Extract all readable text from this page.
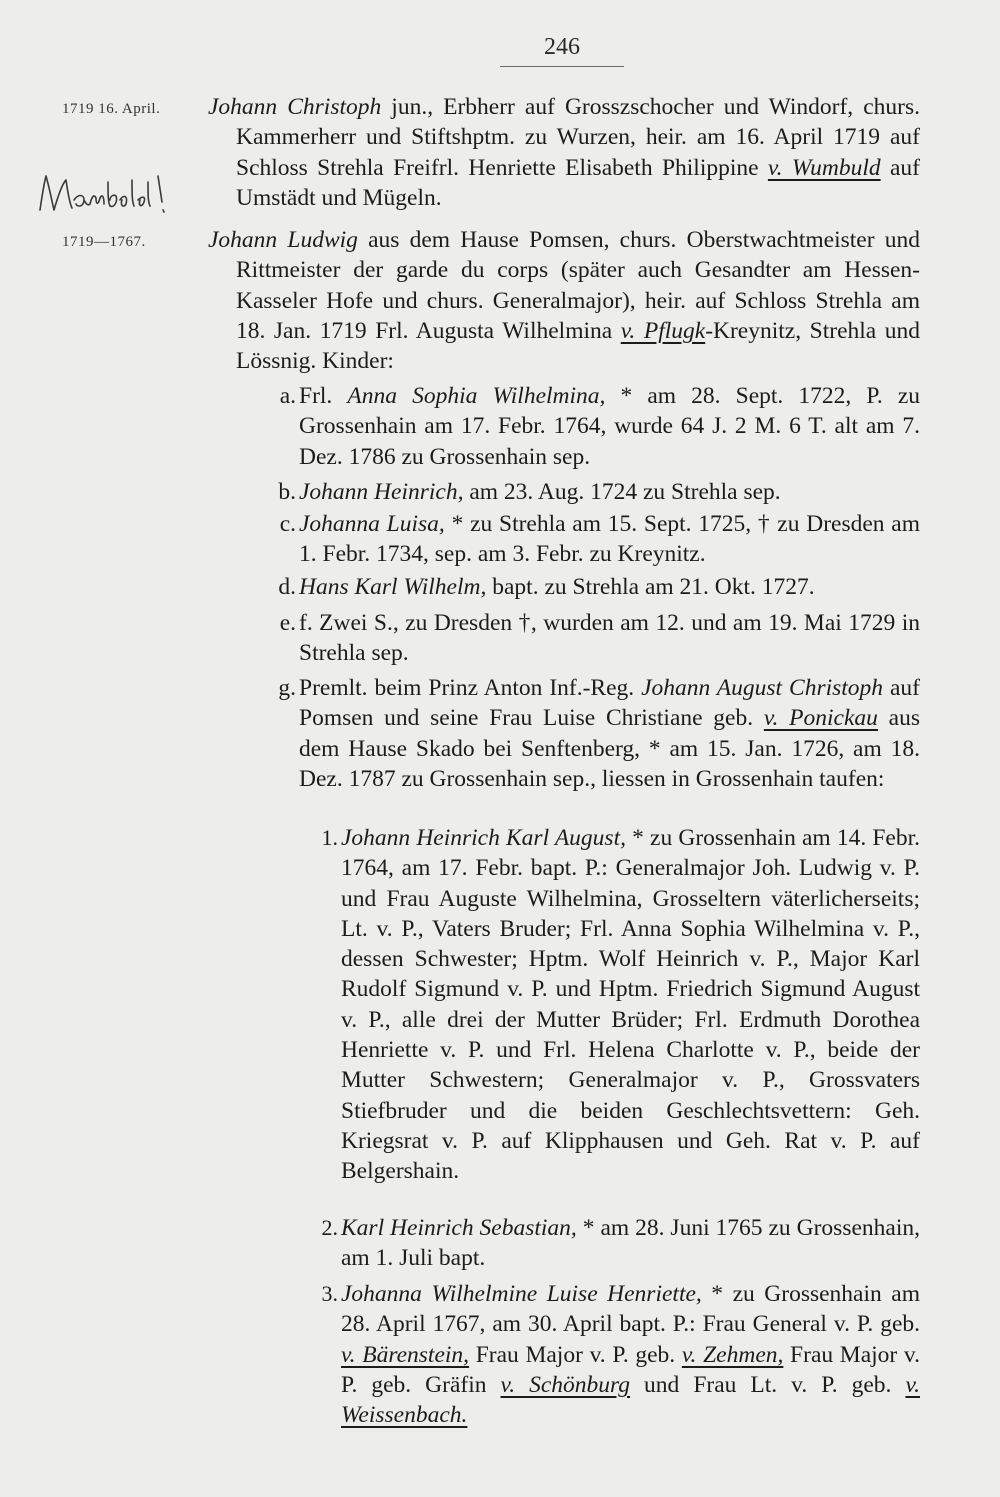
246
1719 16. April. Johann Christoph jun., Erbherr auf Grosszschocher und Windorf, churs. Kammerherr und Stiftshptm. zu Wurzen, heir. am 16. April 1719 auf Schloss Strehla Freifrl. Henriette Elisabeth Philippine v. Wumbuld auf Umstädt und Mügeln.
1719—1767.	Johann Ludwig aus dem Hause Pomsen, churs. Oberstwachtmeister und Rittmeister der garde du corps (später auch Gesandter am Hessen-Kasseler Hofe und churs. Generalmajor), heir. auf Schloss Strehla am 18. Jan. 1719 Frl. Augusta Wilhelmina v. Pflugk-Kreynitz, Strehla und Lössnig. Kinder:
a. Frl. Anna Sophia Wilhelmina, * am 28. Sept. 1722, P. zu Grossenhain am 17. Febr. 1764, wurde 64 J. 2 M. 6 T. alt am 7. Dez. 1786 zu Grossenhain sep.
b. Johann Heinrich, am 23. Aug. 1724 zu Strehla sep.
c. Johanna Luisa, * zu Strehla am 15. Sept. 1725, † zu Dresden am 1. Febr. 1734, sep. am 3. Febr. zu Kreynitz.
d. Hans Karl Wilhelm, bapt. zu Strehla am 21. Okt. 1727.
e. f. Zwei S., zu Dresden †, wurden am 12. und am 19. Mai 1729 in Strehla sep.
g. Premlt. beim Prinz Anton Inf.-Reg. Johann August Christoph auf Pomsen und seine Frau Luise Christiane geb. v. Ponickau aus dem Hause Skado bei Senftenberg, * am 15. Jan. 1726, am 18. Dez. 1787 zu Grossenhain sep., liessen in Grossenhain taufen:
1. Johann Heinrich Karl August, * zu Grossenhain am 14. Febr. 1764, am 17. Febr. bapt. P.: Generalmajor Joh. Ludwig v. P. und Frau Auguste Wilhelmina, Grosseltern väterlicherseits; Lt. v. P., Vaters Bruder; Frl. Anna Sophia Wilhelmina v. P., dessen Schwester; Hptm. Wolf Heinrich v. P., Major Karl Rudolf Sigmund v. P. und Hptm. Friedrich Sigmund August v. P., alle drei der Mutter Brüder; Frl. Erdmuth Dorothea Henriette v. P. und Frl. Helena Charlotte v. P., beide der Mutter Schwestern; Generalmajor v. P., Grossvaters Stiefbruder und die beiden Geschlechtsvettern: Geh. Kriegsrat v. P. auf Klipphausen und Geh. Rat v. P. auf Belgershain.
2. Karl Heinrich Sebastian, * am 28. Juni 1765 zu Grossenhain, am 1. Juli bapt.
3. Johanna Wilhelmine Luise Henriette, * zu Grossenhain am 28. April 1767, am 30. April bapt. P.: Frau General v. P. geb. v. Bärenstein, Frau Major v. P. geb. v. Zehmen, Frau Major v. P. geb. Gräfin v. Schönburg und Frau Lt. v. P. geb. v. Weissenbach.
